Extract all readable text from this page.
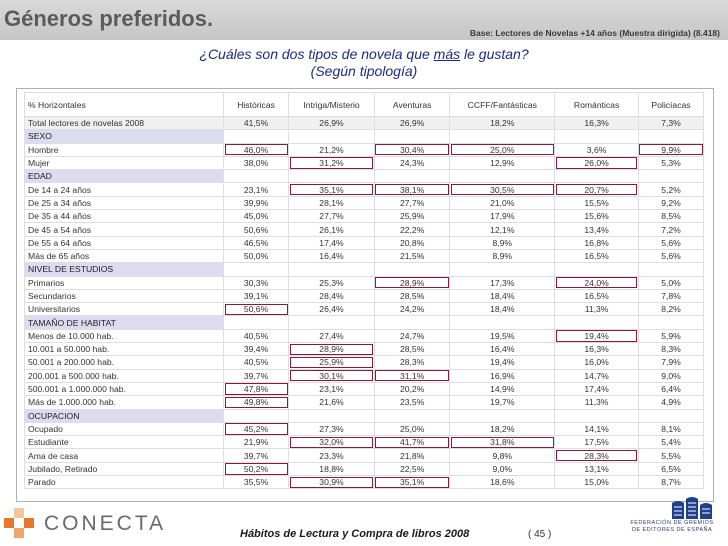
Géneros preferidos.
Base: Lectores de Novelas +14 años (Muestra dirigida) (8.418)
¿Cuáles son dos tipos de novela que más le gustan?
(Según tipología)
% Horizontales	Históricas	Intriga/Misterio	Aventuras	CCFF/Fantásticas	Románticas	Policíacas
Total lectores de novelas 2008	41,5%	26,9%	26,9%	18,2%	16,3%	7,3%
SEXO						
Hombre	46,0%	21,2%	30,4%	25,0%	3,6%	9,9%
Mujer	38,0%	31,2%	24,3%	12,9%	26,0%	5,3%
EDAD						
De 14 a 24 años	23,1%	35,1%	38,1%	30,5%	20,7%	5,2%
De 25 a 34 años	39,9%	28,1%	27,7%	21,0%	15,5%	9,2%
De 35 a 44 años	45,0%	27,7%	25,9%	17,9%	15,6%	8,5%
De 45 a 54 años	50,6%	26,1%	22,2%	12,1%	13,4%	7,2%
De 55 a 64 años	46,5%	17,4%	20,8%	8,9%	16,8%	5,6%
Más de 65 años	50,0%	16,4%	21,5%	8,9%	16,5%	5,6%
NIVEL DE ESTUDIOS						
Primarios	30,3%	25,3%	28,9%	17,3%	24,0%	5,0%
Secundarios	39,1%	28,4%	28,5%	18,4%	16,5%	7,8%
Universitarios	50,6%	26,4%	24,2%	18,4%	11,3%	8,2%
TAMAÑO DE HABITAT						
Menos de 10.000 hab.	40,5%	27,4%	24,7%	19,5%	19,4%	5,9%
10.001 a 50.000 hab.	39,4%	28,9%	28,5%	16,4%	16,3%	8,3%
50.001 a 200.000 hab.	40,5%	25,9%	28,3%	19,4%	16,0%	7,9%
200.001 a 500.000 hab.	39,7%	30,1%	31,1%	16,9%	14,7%	9,0%
500.001 a 1.000.000 hab.	47,8%	23,1%	20,2%	14,9%	17,4%	6,4%
Más de 1.000.000 hab.	49,8%	21,6%	23,5%	19,7%	11,3%	4,9%
OCUPACION						
Ocupado	45,2%	27,3%	25,0%	18,2%	14,1%	8,1%
Estudiante	21,9%	32,0%	41,7%	31,8%	17,5%	5,4%
Ama de casa	39,7%	23,3%	21,8%	9,8%	28,3%	5,5%
Jubilado, Retirado	50,2%	18,8%	22,5%	9,0%	13,1%	6,5%
Parado	35,5%	30,9%	35,1%	18,6%	15,0%	8,7%
CONECTA	Hábitos de Lectura y Compra de libros 2008	( 45 )
FEDERACIÓN DE GREMIOS
DE EDITORES DE ESPAÑA
